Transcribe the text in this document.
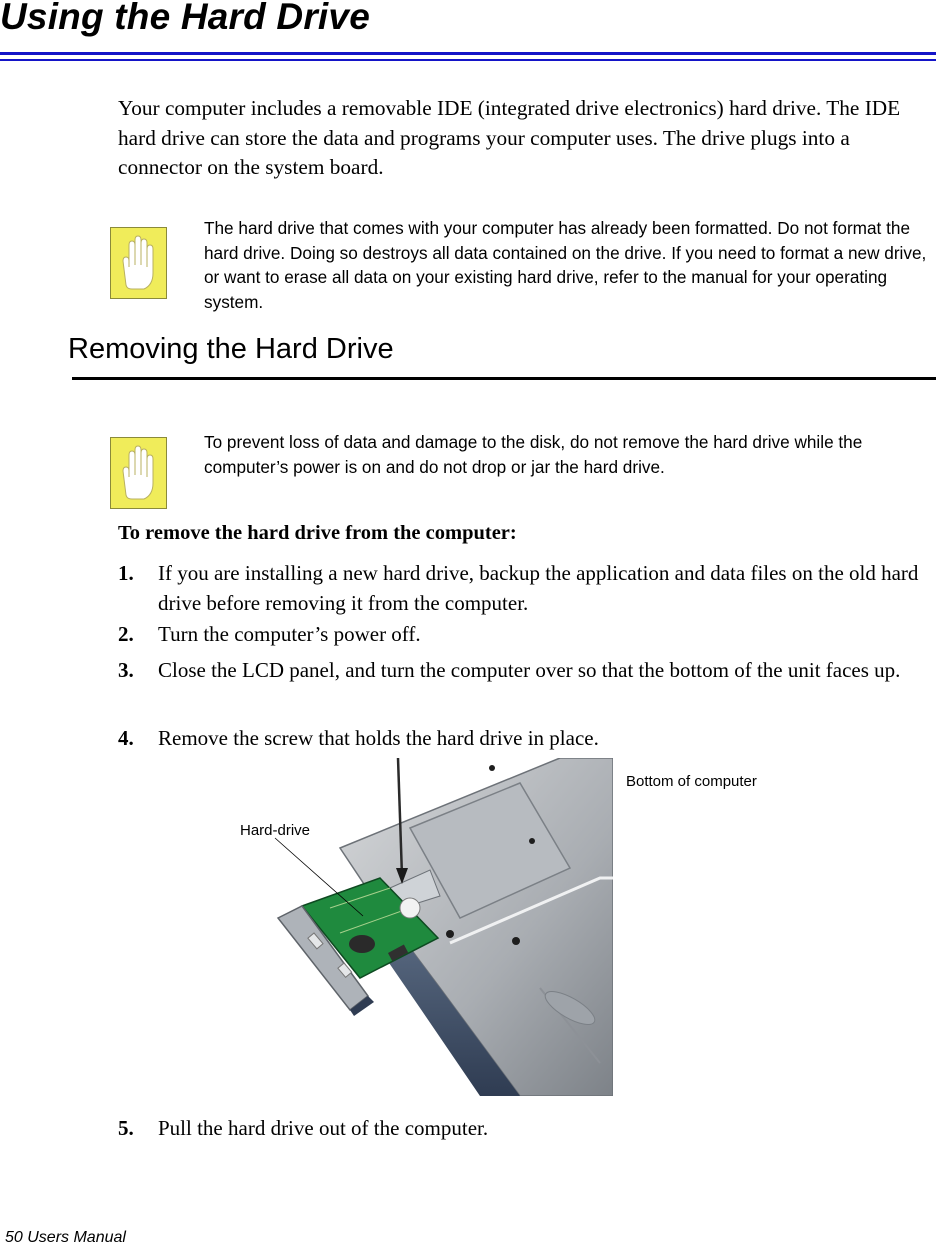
Using the Hard Drive

Your computer includes a removable IDE (integrated drive electronics) hard drive. The IDE hard drive can store the data and programs your computer uses. The drive plugs into a connector on the system board.

The hard drive that comes with your computer has already been formatted. Do not format the hard drive. Doing so destroys all data contained on the drive. If you need to format a new drive, or want to erase all data on your existing hard drive, refer to the manual for your operating system.

Removing the Hard Drive

To prevent loss of data and damage to the disk, do not remove the hard drive while the computer’s power is on and do not drop or jar the hard drive.

To remove the hard drive from the computer:
1. If you are installing a new hard drive, backup the application and data files on the old hard drive before removing it from the computer.
2. Turn the computer’s power off.
3. Close the LCD panel, and turn the computer over so that the bottom of the unit faces up.
4. Remove the screw that holds the hard drive in place.
Bottom of computer
Hard-drive
5. Pull the hard drive out of the computer.
50 Users Manual
